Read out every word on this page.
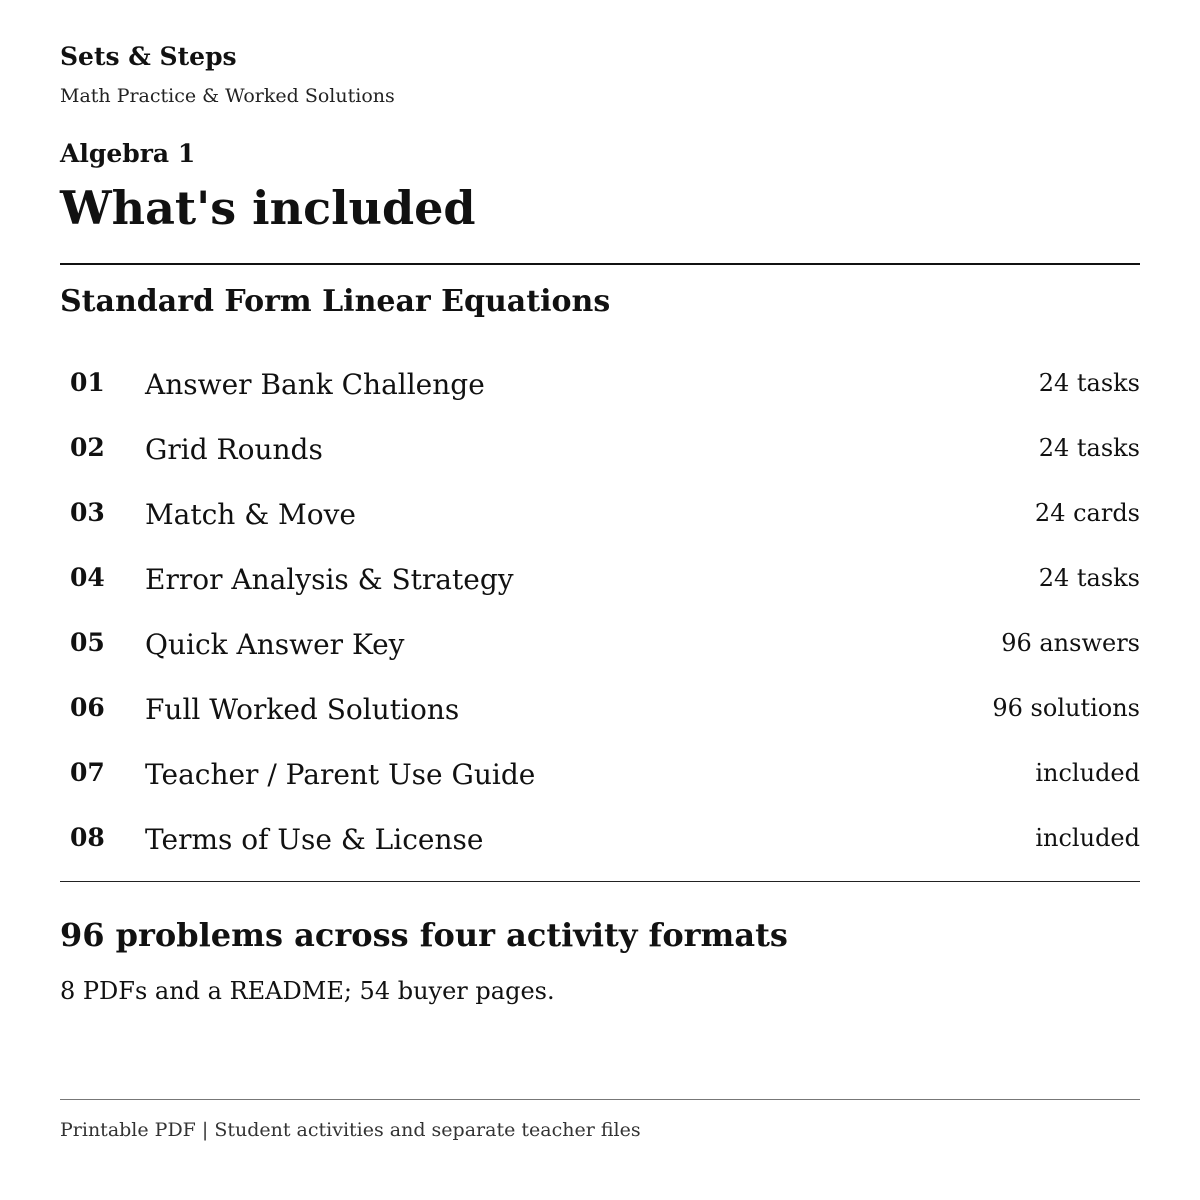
Sets & Steps
Math Practice & Worked Solutions
Algebra 1
What's included
Standard Form Linear Equations
01 Answer Bank Challenge	24 tasks
02 Grid Rounds	24 tasks
03 Match & Move	24 cards
04 Error Analysis & Strategy	24 tasks
05 Quick Answer Key	96 answers
06 Full Worked Solutions	96 solutions
07 Teacher / Parent Use Guide	included
08 Terms of Use & License	included
96 problems across four activity formats

8 PDFs and a README; 54 buyer pages.

Printable PDF | Student activities and separate teacher files
